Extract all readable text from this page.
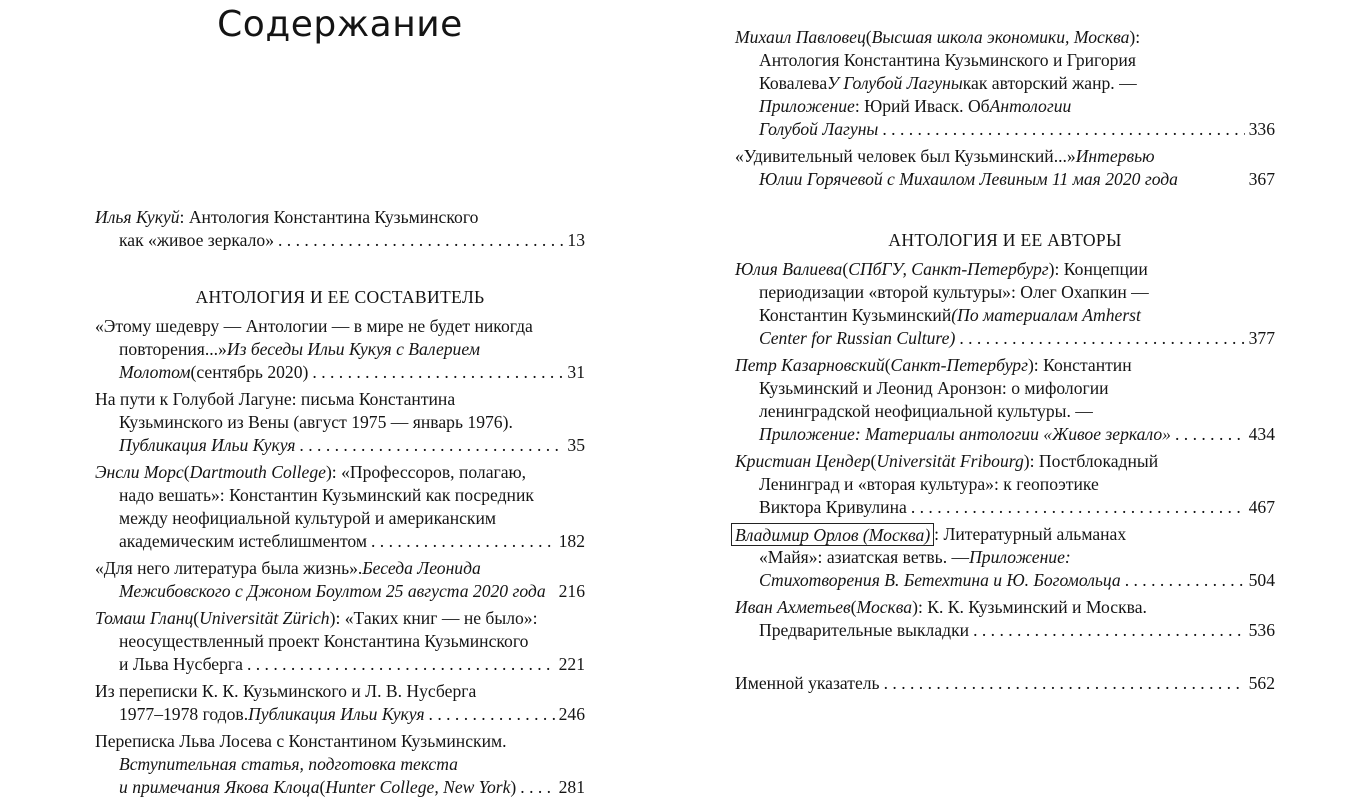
Содержание
Илья Кукуй : Антология Константина Кузьминского
как «живое зеркало» . . .	13
АНТОЛОГИЯ И ЕЕ СОСТАВИТЕЛЬ
«Этому шедевру — Антологии — в мире не будет никогда
повторения...» Из беседы Ильи Кукуя с Валерием
Молотом (сентябрь 2020) . . .	31
На пути к Голубой Лагуне: письма Константина
Кузьминского из Вены (август 1975 — январь 1976).
Публикация Ильи Кукуя . . .	35
Энсли Морс ( Dartmouth College ): «Профессоров, полагаю,
надо вешать»: Константин Кузьминский как посредник
между неофициальной культурой и американским
академическим истеблишментом . . .	182
«Для него литература была жизнь». Беседа Леонида
Межибовского с Джоном Боултом 25 августа 2020 года 216
Томаш Гланц ( Universität Zürich ): «Таких книг — не было»:
неосуществленный проект Константина Кузьминского
и Льва Нусберга . . .	221
Из переписки К. К. Кузьминского и Л. В. Нусберга
1977–1978 годов. Публикация Ильи Кукуя . . .	246
Переписка Льва Лосева с Константином Кузьминским.
Вступительная статья, подготовка текста
и примечания Якова Клоца ( Hunter College, New York ) . . . 281
Михаил Павловец ( Высшая школа экономики, Москва ):
Антология Константина Кузьминского и Григория
Ковалева У Голубой Лагуны как авторский жанр. —
Приложение : Юрий Иваск. Об Антологии
Голубой Лагуны . . .	336
«Удивительный человек был Кузьминский...» Интервью
Юлии Горячевой с Михаилом Левиным 11 мая 2020 года	367
АНТОЛОГИЯ И ЕЕ АВТОРЫ
Юлия Валиева ( СПбГУ, Санкт-Петербург ): Концепции
периодизации «второй культуры»: Олег Охапкин —
Константин Кузьминский (По материалам Amherst
Center for Russian Culture ) . . .	377
Петр Казарновский ( Санкт-Петербург ): Константин
Кузьминский и Леонид Аронзон: о мифологии
ленинградской неофициальной культуры. —
Приложение: Материалы антологии «Живое зеркало» . . .	434
Кристиан Цендер ( Universität Fribourg ): Постблокадный
Ленинград и «вторая культура»: к геопоэтике
Виктора Кривулина . . .	467
Владимир Орлов (Москва) : Литературный альманах
«Майя»: азиатская ветвь. — Приложение:
Стихотворения В. Бетехтина и Ю. Богомольца . . .	504
Иван Ахметьев ( Москва ): К. К. Кузьминский и Москва.
Предварительные выкладки . . .	536
Именной указатель . . .	562
